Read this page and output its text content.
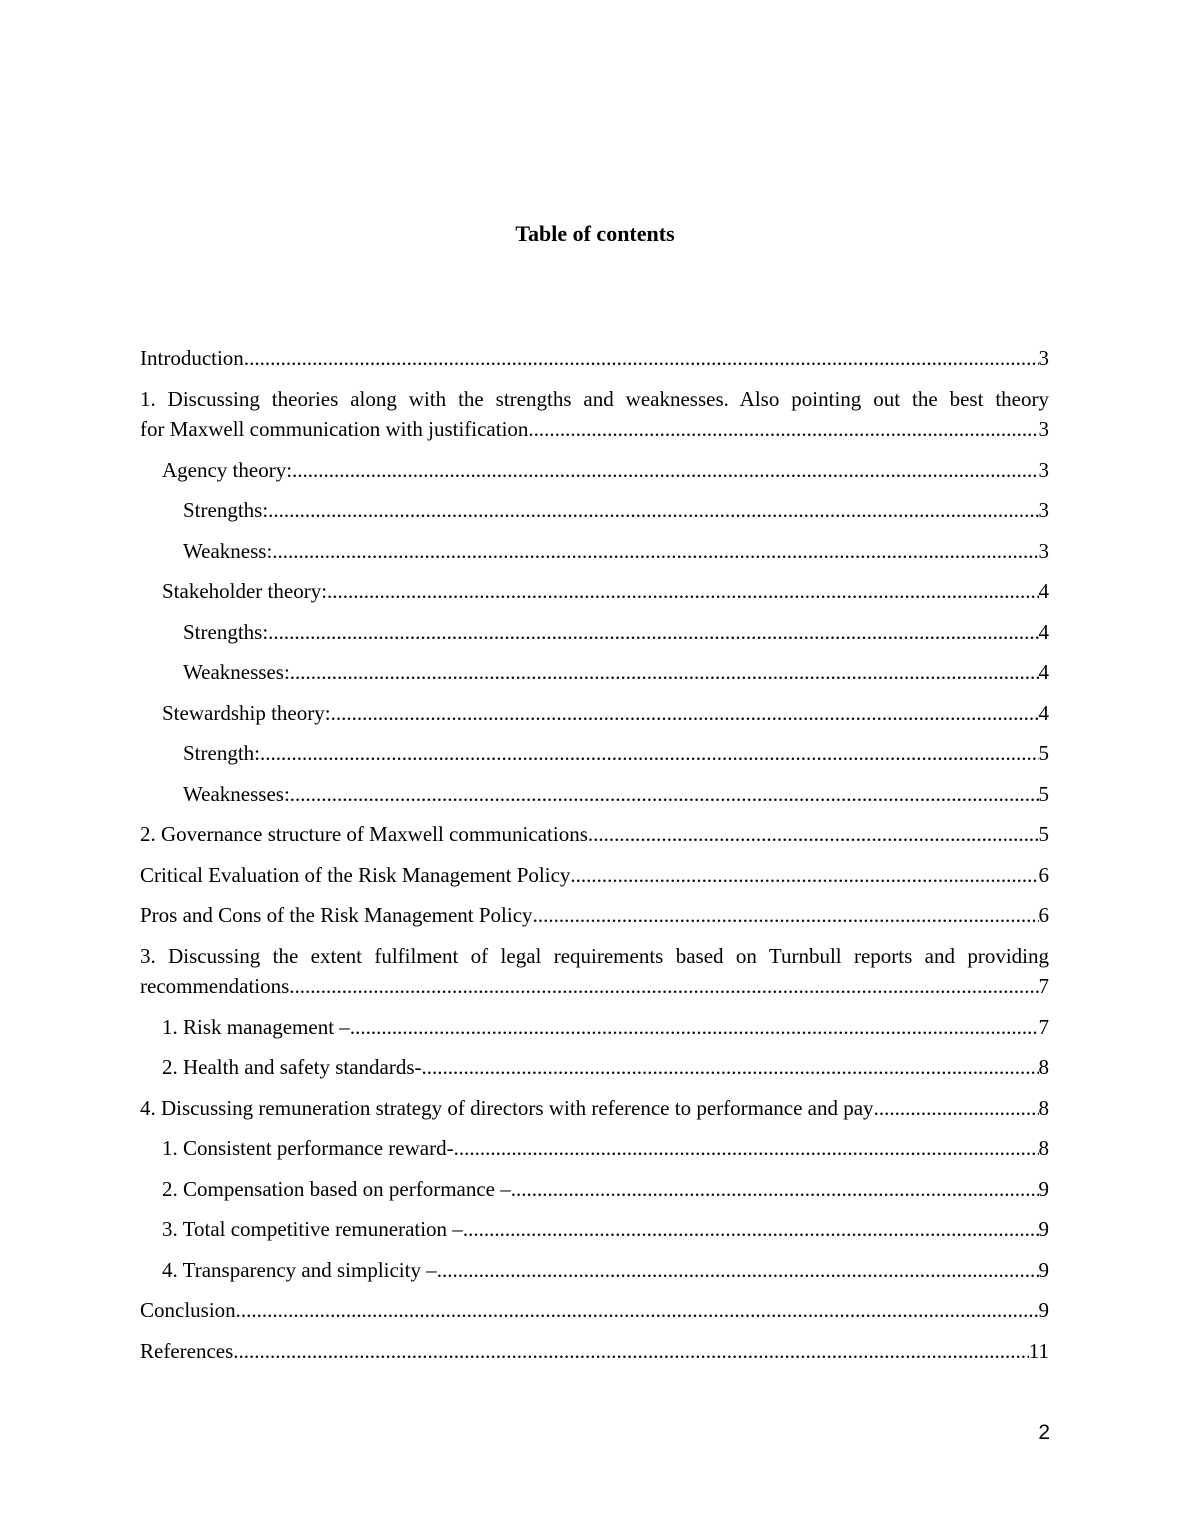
Table of contents
Introduction .....	3
1. Discussing theories along with the strengths and weaknesses. Also pointing out the best theory
for Maxwell communication with justification .....	3
Agency theory: .....	3
Strengths: .....	3
Weakness: .....	3
Stakeholder theory: .....	4
Strengths: .....	4
Weaknesses: .....	4
Stewardship theory: .....	4
Strength: .....	5
Weaknesses: .....	5
2. Governance structure of Maxwell communications .....	5
Critical Evaluation of the Risk Management Policy .....	6
Pros and Cons of the Risk Management Policy .....	6
3. Discussing the extent fulfilment of legal requirements based on Turnbull reports and providing
recommendations .....	7
1. Risk management – .....	7
2. Health and safety standards- .....	8
4. Discussing remuneration strategy of directors with reference to performance and pay .....	8
1. Consistent performance reward- .....	8
2. Compensation based on performance – .....	9
3. Total competitive remuneration – .....	9
4. Transparency and simplicity – .....	9
Conclusion .....	9
References .....	11
2
